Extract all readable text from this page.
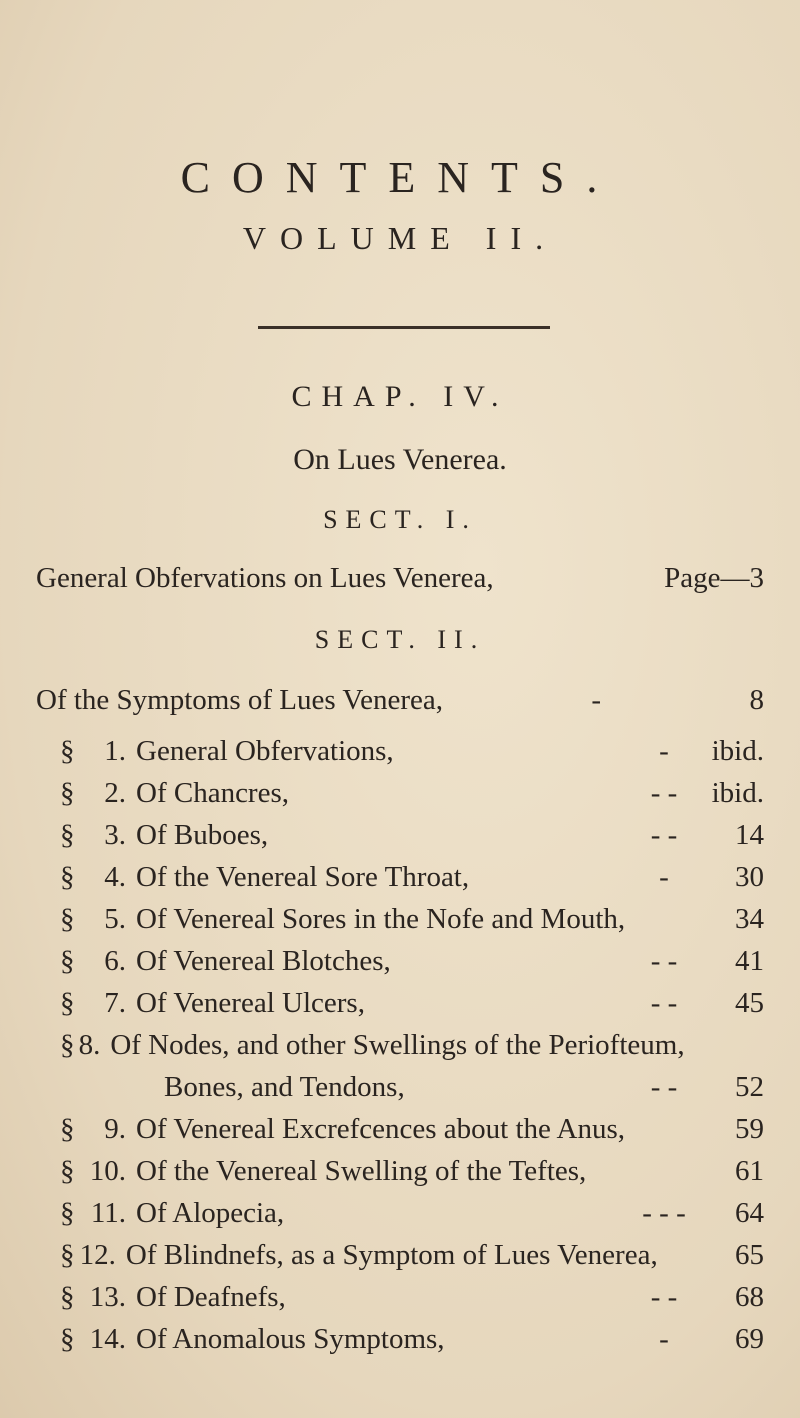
CONTENTS.
VOLUME II.
CHAP. IV.
On Lues Venerea.
SECT. I.
General Obfervations on Lues Venerea,	Page—3
SECT. II.
Of the Symptoms of Lues Venerea,	-	8
§	1. General Obfervations,	-	ibid.
§	2. Of Chancres,	- -	ibid.
§	3. Of Buboes,	- -	14
§	4. Of the Venereal Sore Throat,	-	30
§	5. Of Venereal Sores in the Nofe and Mouth,	34
§	6. Of Venereal Blotches,	- -	41
§	7. Of Venereal Ulcers,	- -	45
§ 8. Of Nodes, and other Swellings of the Periofteum,
Bones, and Tendons,	- -	52
§	9. Of Venereal Excrefcences about the Anus,	59
§ 10. Of the Venereal Swelling of the Teftes,	61
§ 11. Of Alopecia,	- - -	64
§ 12. Of Blindnefs, as a Symptom of Lues Venerea,	65
§ 13. Of Deafnefs,	- -	68
§ 14. Of Anomalous Symptoms,	-	69
